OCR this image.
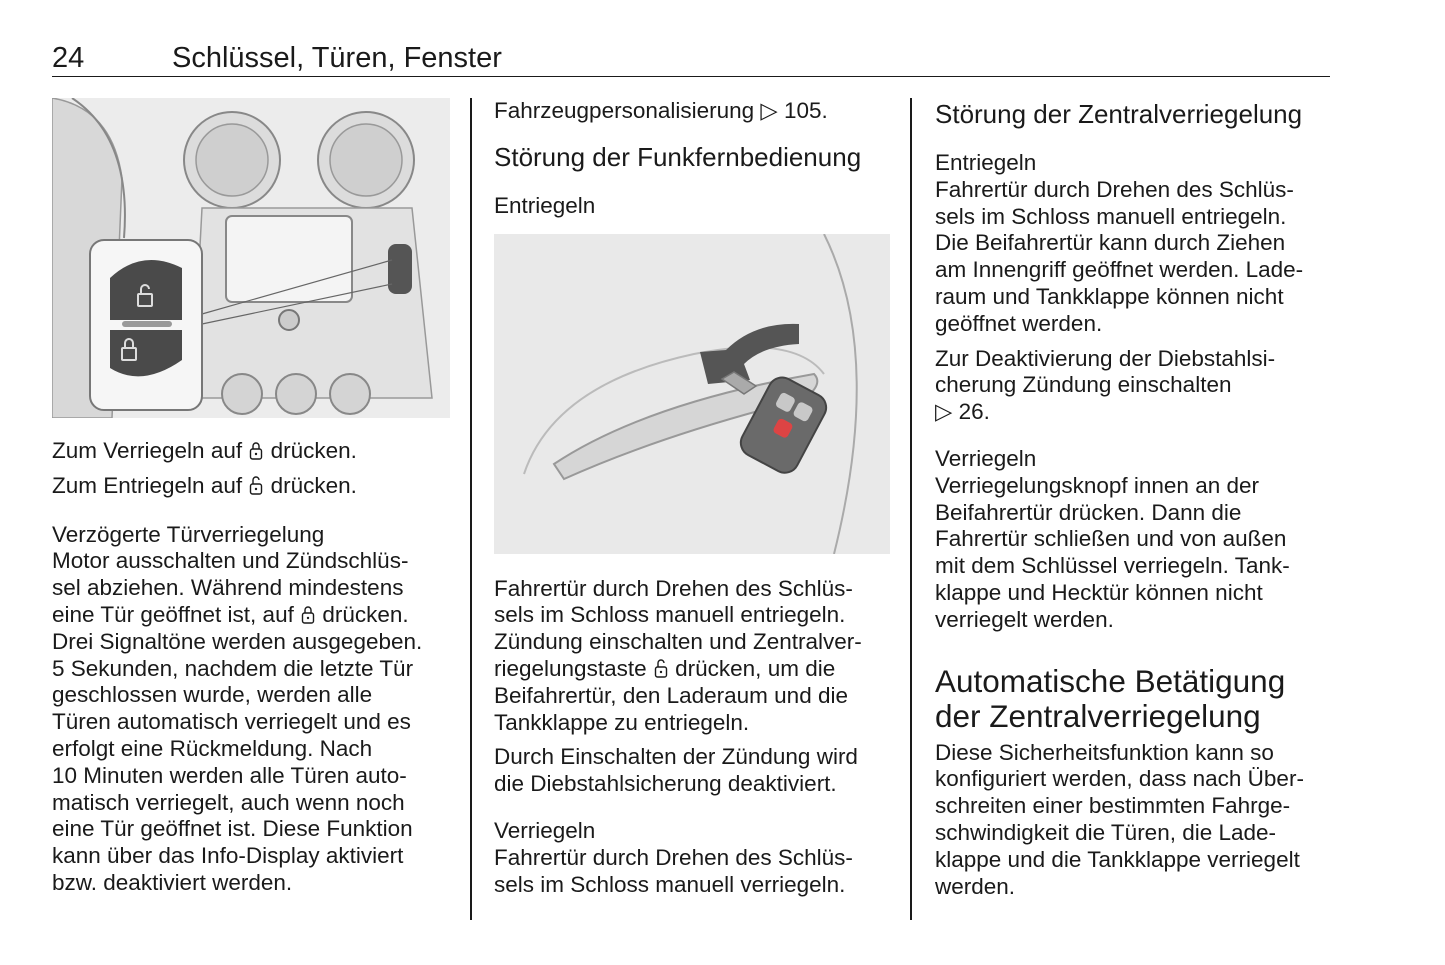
24	Schlüssel, Türen, Fenster

Zum Verriegeln auf drücken.

Zum Entriegeln auf drücken.

Verzögerte Türverriegelung

Motor ausschalten und Zündschlüs-

sel abziehen. Während mindestens

eine Tür geöffnet ist, auf drücken.

Drei Signaltöne werden ausgegeben.

5 Sekunden, nachdem die letzte Tür

geschlossen wurde, werden alle

Türen automatisch verriegelt und es

erfolgt eine Rückmeldung. Nach

10 Minuten werden alle Türen auto-

matisch verriegelt, auch wenn noch

eine Tür geöffnet ist. Diese Funktion

kann über das Info-Display aktiviert

bzw. deaktiviert werden.

Fahrzeugpersonalisierung ▷ 105.

Störung der Funkfernbedienung

Entriegeln

Fahrertür durch Drehen des Schlüs-

sels im Schloss manuell entriegeln.

Zündung einschalten und Zentralver-

riegelungstaste drücken, um die

Beifahrertür, den Laderaum und die

Tankklappe zu entriegeln.

Durch Einschalten der Zündung wird

die Diebstahlsicherung deaktiviert.

Verriegeln

Fahrertür durch Drehen des Schlüs-

sels im Schloss manuell verriegeln.

Störung der Zentralverriegelung

Entriegeln

Fahrertür durch Drehen des Schlüs-

sels im Schloss manuell entriegeln.

Die Beifahrertür kann durch Ziehen

am Innengriff geöffnet werden. Lade-

raum und Tankklappe können nicht

geöffnet werden.

Zur Deaktivierung der Diebstahlsi-

cherung Zündung einschalten

▷ 26.

Verriegeln

Verriegelungsknopf innen an der

Beifahrertür drücken. Dann die

Fahrertür schließen und von außen

mit dem Schlüssel verriegeln. Tank-

klappe und Hecktür können nicht

verriegelt werden.

Automatische Betätigung

der Zentralverriegelung

Diese Sicherheitsfunktion kann so

konfiguriert werden, dass nach Über-

schreiten einer bestimmten Fahrge-

schwindigkeit die Türen, die Lade-

klappe und die Tankklappe verriegelt

werden.
